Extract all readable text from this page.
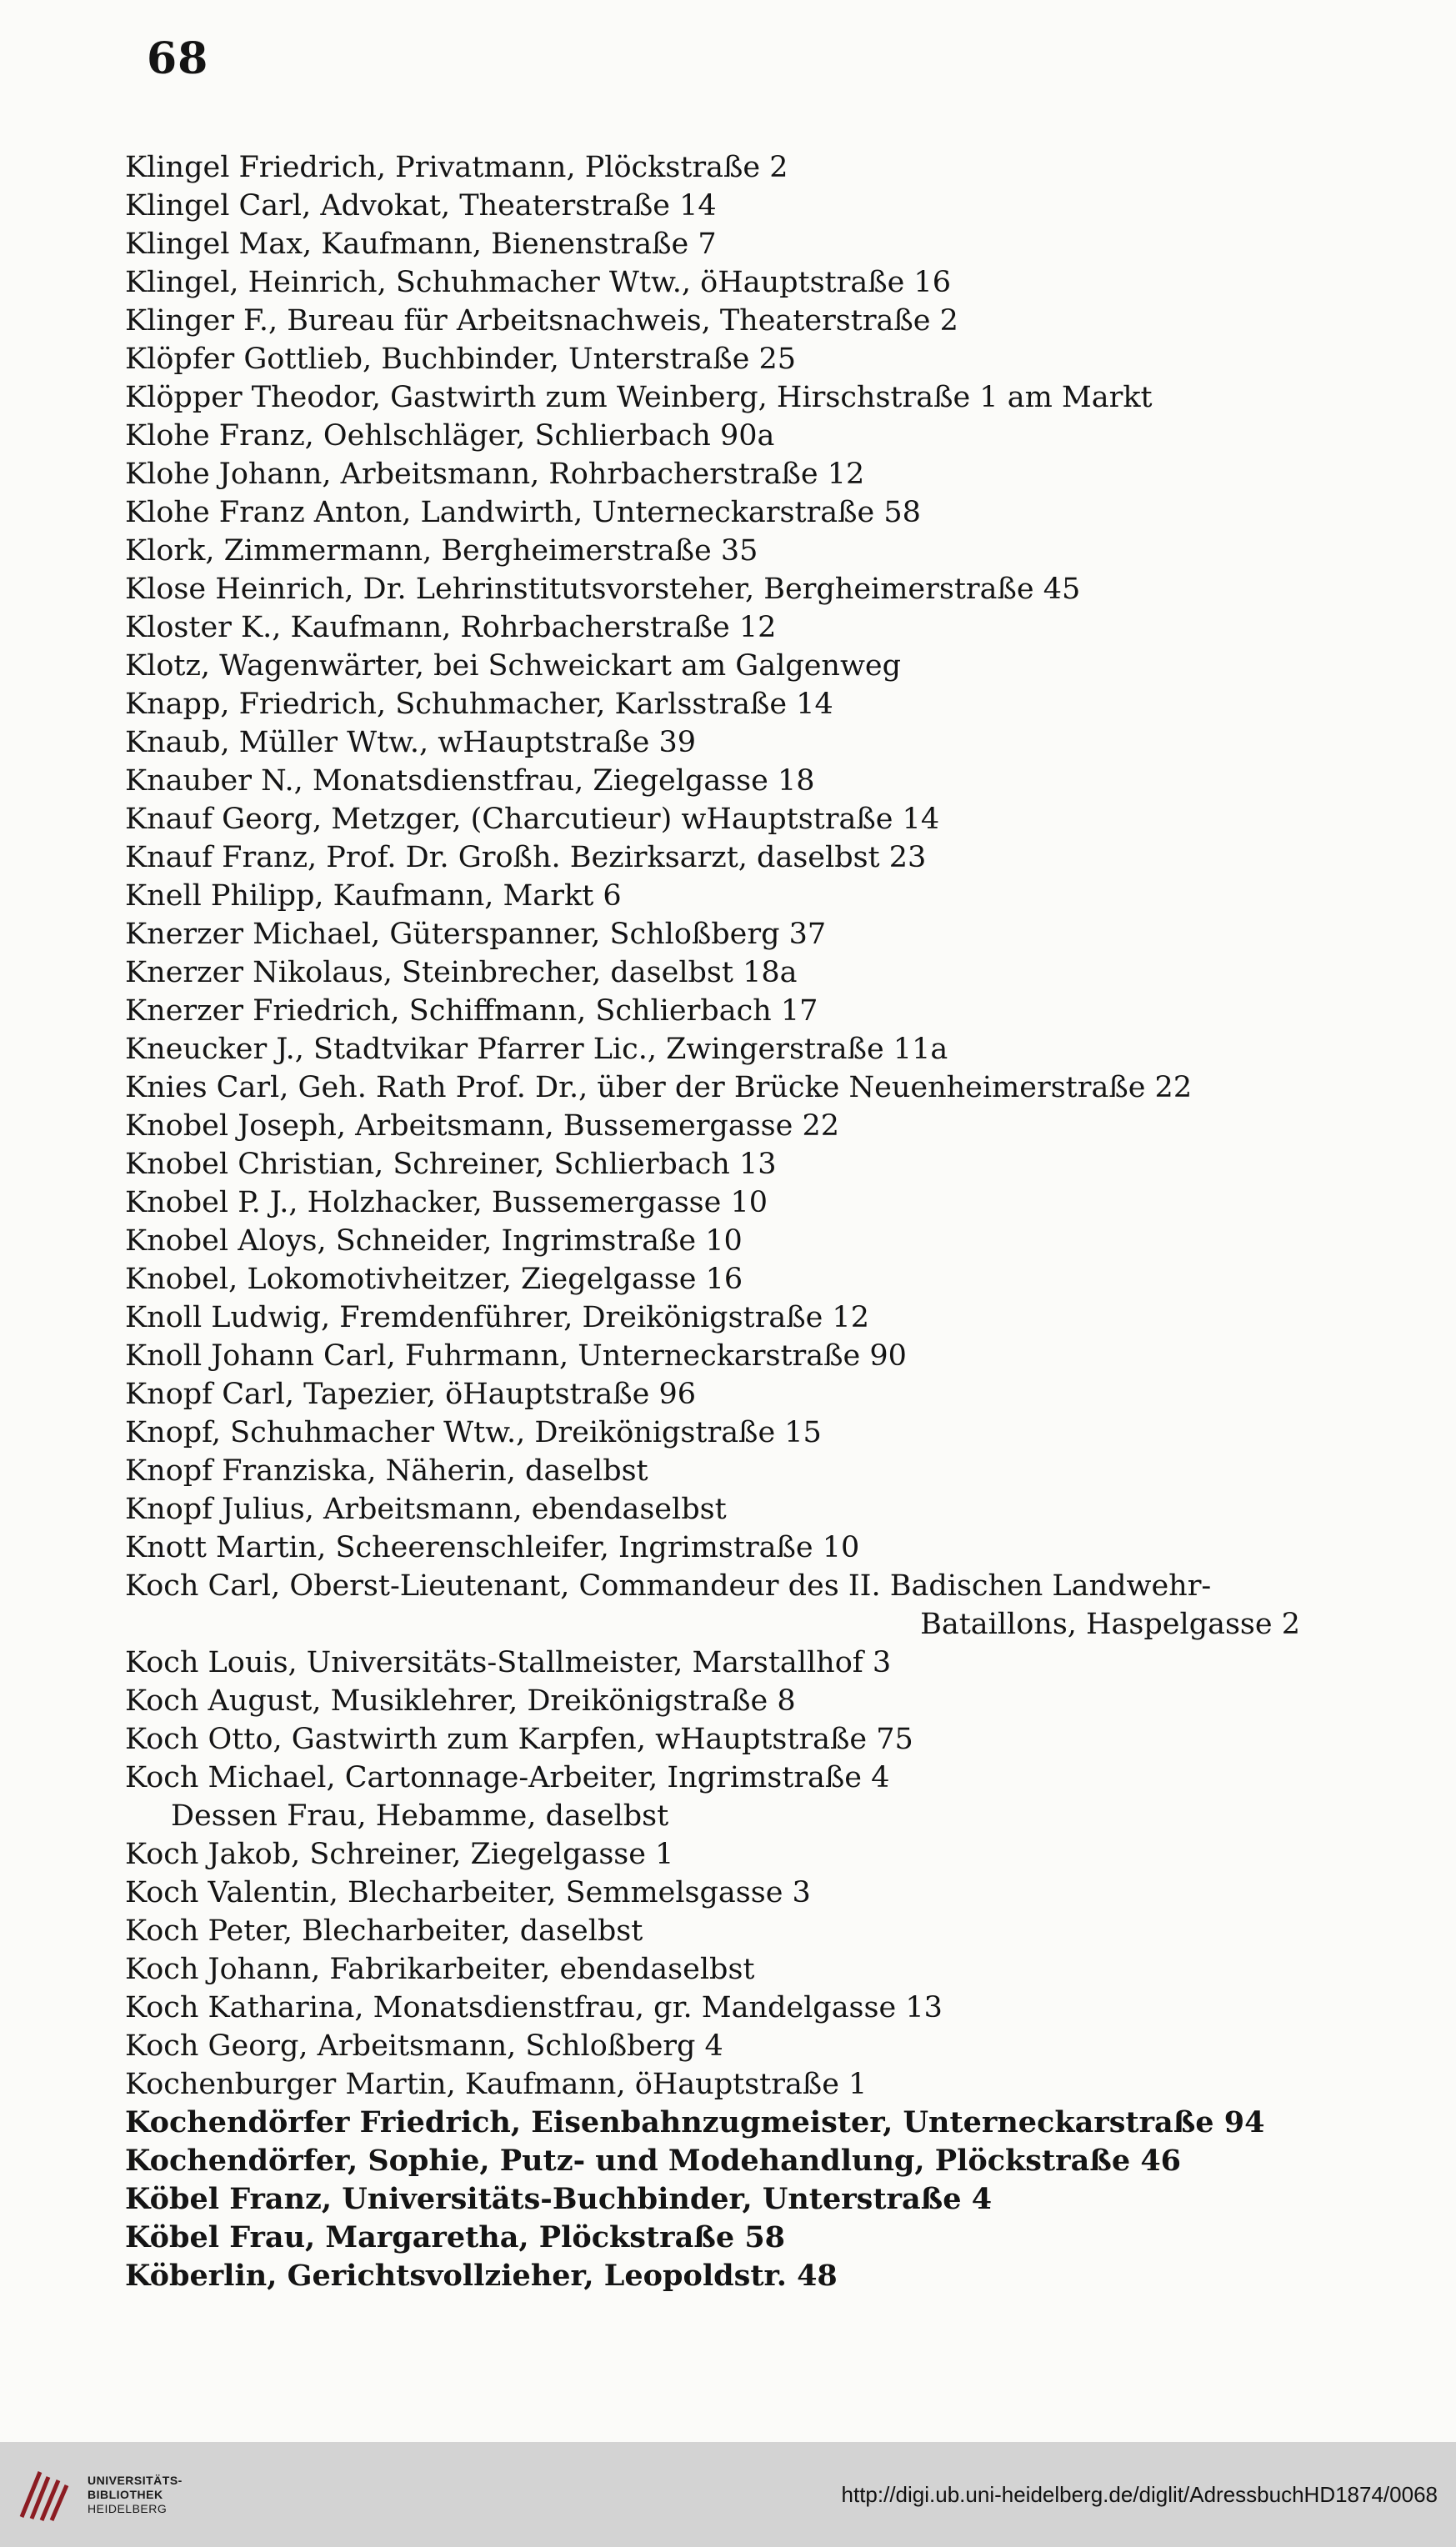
68
Klingel Friedrich, Privatmann, Plöckstraße 2
Klingel Carl, Advokat, Theaterstraße 14
Klingel Max, Kaufmann, Bienenstraße 7
Klingel, Heinrich, Schuhmacher Wtw., öHauptstraße 16
Klinger F., Bureau für Arbeitsnachweis, Theaterstraße 2
Klöpfer Gottlieb, Buchbinder, Unterstraße 25
Klöpper Theodor, Gastwirth zum Weinberg, Hirschstraße 1 am Markt
Klohe Franz, Oehlschläger, Schlierbach 90a
Klohe Johann, Arbeitsmann, Rohrbacherstraße 12
Klohe Franz Anton, Landwirth, Unterneckarstraße 58
Klork, Zimmermann, Bergheimerstraße 35
Klose Heinrich, Dr. Lehrinstitutsvorsteher, Bergheimerstraße 45
Kloster K., Kaufmann, Rohrbacherstraße 12
Klotz, Wagenwärter, bei Schweickart am Galgenweg
Knapp, Friedrich, Schuhmacher, Karlsstraße 14
Knaub, Müller Wtw., wHauptstraße 39
Knauber N., Monatsdienstfrau, Ziegelgasse 18
Knauf Georg, Metzger, (Charcutieur) wHauptstraße 14
Knauf Franz, Prof. Dr. Großh. Bezirksarzt, daselbst 23
Knell Philipp, Kaufmann, Markt 6
Knerzer Michael, Güterspanner, Schloßberg 37
Knerzer Nikolaus, Steinbrecher, daselbst 18a
Knerzer Friedrich, Schiffmann, Schlierbach 17
Kneucker J., Stadtvikar Pfarrer Lic., Zwingerstraße 11a
Knies Carl, Geh. Rath Prof. Dr., über der Brücke Neuenheimerstraße 22
Knobel Joseph, Arbeitsmann, Bussemergasse 22
Knobel Christian, Schreiner, Schlierbach 13
Knobel P. J., Holzhacker, Bussemergasse 10
Knobel Aloys, Schneider, Ingrimstraße 10
Knobel, Lokomotivheitzer, Ziegelgasse 16
Knoll Ludwig, Fremdenführer, Dreikönigstraße 12
Knoll Johann Carl, Fuhrmann, Unterneckarstraße 90
Knopf Carl, Tapezier, öHauptstraße 96
Knopf, Schuhmacher Wtw., Dreikönigstraße 15
Knopf Franziska, Näherin, daselbst
Knopf Julius, Arbeitsmann, ebendaselbst
Knott Martin, Scheerenschleifer, Ingrimstraße 10
Koch Carl, Oberst-Lieutenant, Commandeur des II. Badischen Landwehr-
Bataillons, Haspelgasse 2
Koch Louis, Universitäts-Stallmeister, Marstallhof 3
Koch August, Musiklehrer, Dreikönigstraße 8
Koch Otto, Gastwirth zum Karpfen, wHauptstraße 75
Koch Michael, Cartonnage-Arbeiter, Ingrimstraße 4
Dessen Frau, Hebamme, daselbst
Koch Jakob, Schreiner, Ziegelgasse 1
Koch Valentin, Blecharbeiter, Semmelsgasse 3
Koch Peter, Blecharbeiter, daselbst
Koch Johann, Fabrikarbeiter, ebendaselbst
Koch Katharina, Monatsdienstfrau, gr. Mandelgasse 13
Koch Georg, Arbeitsmann, Schloßberg 4
Kochenburger Martin, Kaufmann, öHauptstraße 1
Kochendörfer Friedrich, Eisenbahnzugmeister, Unterneckarstraße 94
Kochendörfer, Sophie, Putz- und Modehandlung, Plöckstraße 46
Köbel Franz, Universitäts-Buchbinder, Unterstraße 4
Köbel Frau, Margaretha, Plöckstraße 58
Köberlin, Gerichtsvollzieher, Leopoldstr. 48
UNIVERSITÄTS-
BIBLIOTHEK
HEIDELBERG
http://digi.ub.uni-heidelberg.de/diglit/AdressbuchHD1874/0068
